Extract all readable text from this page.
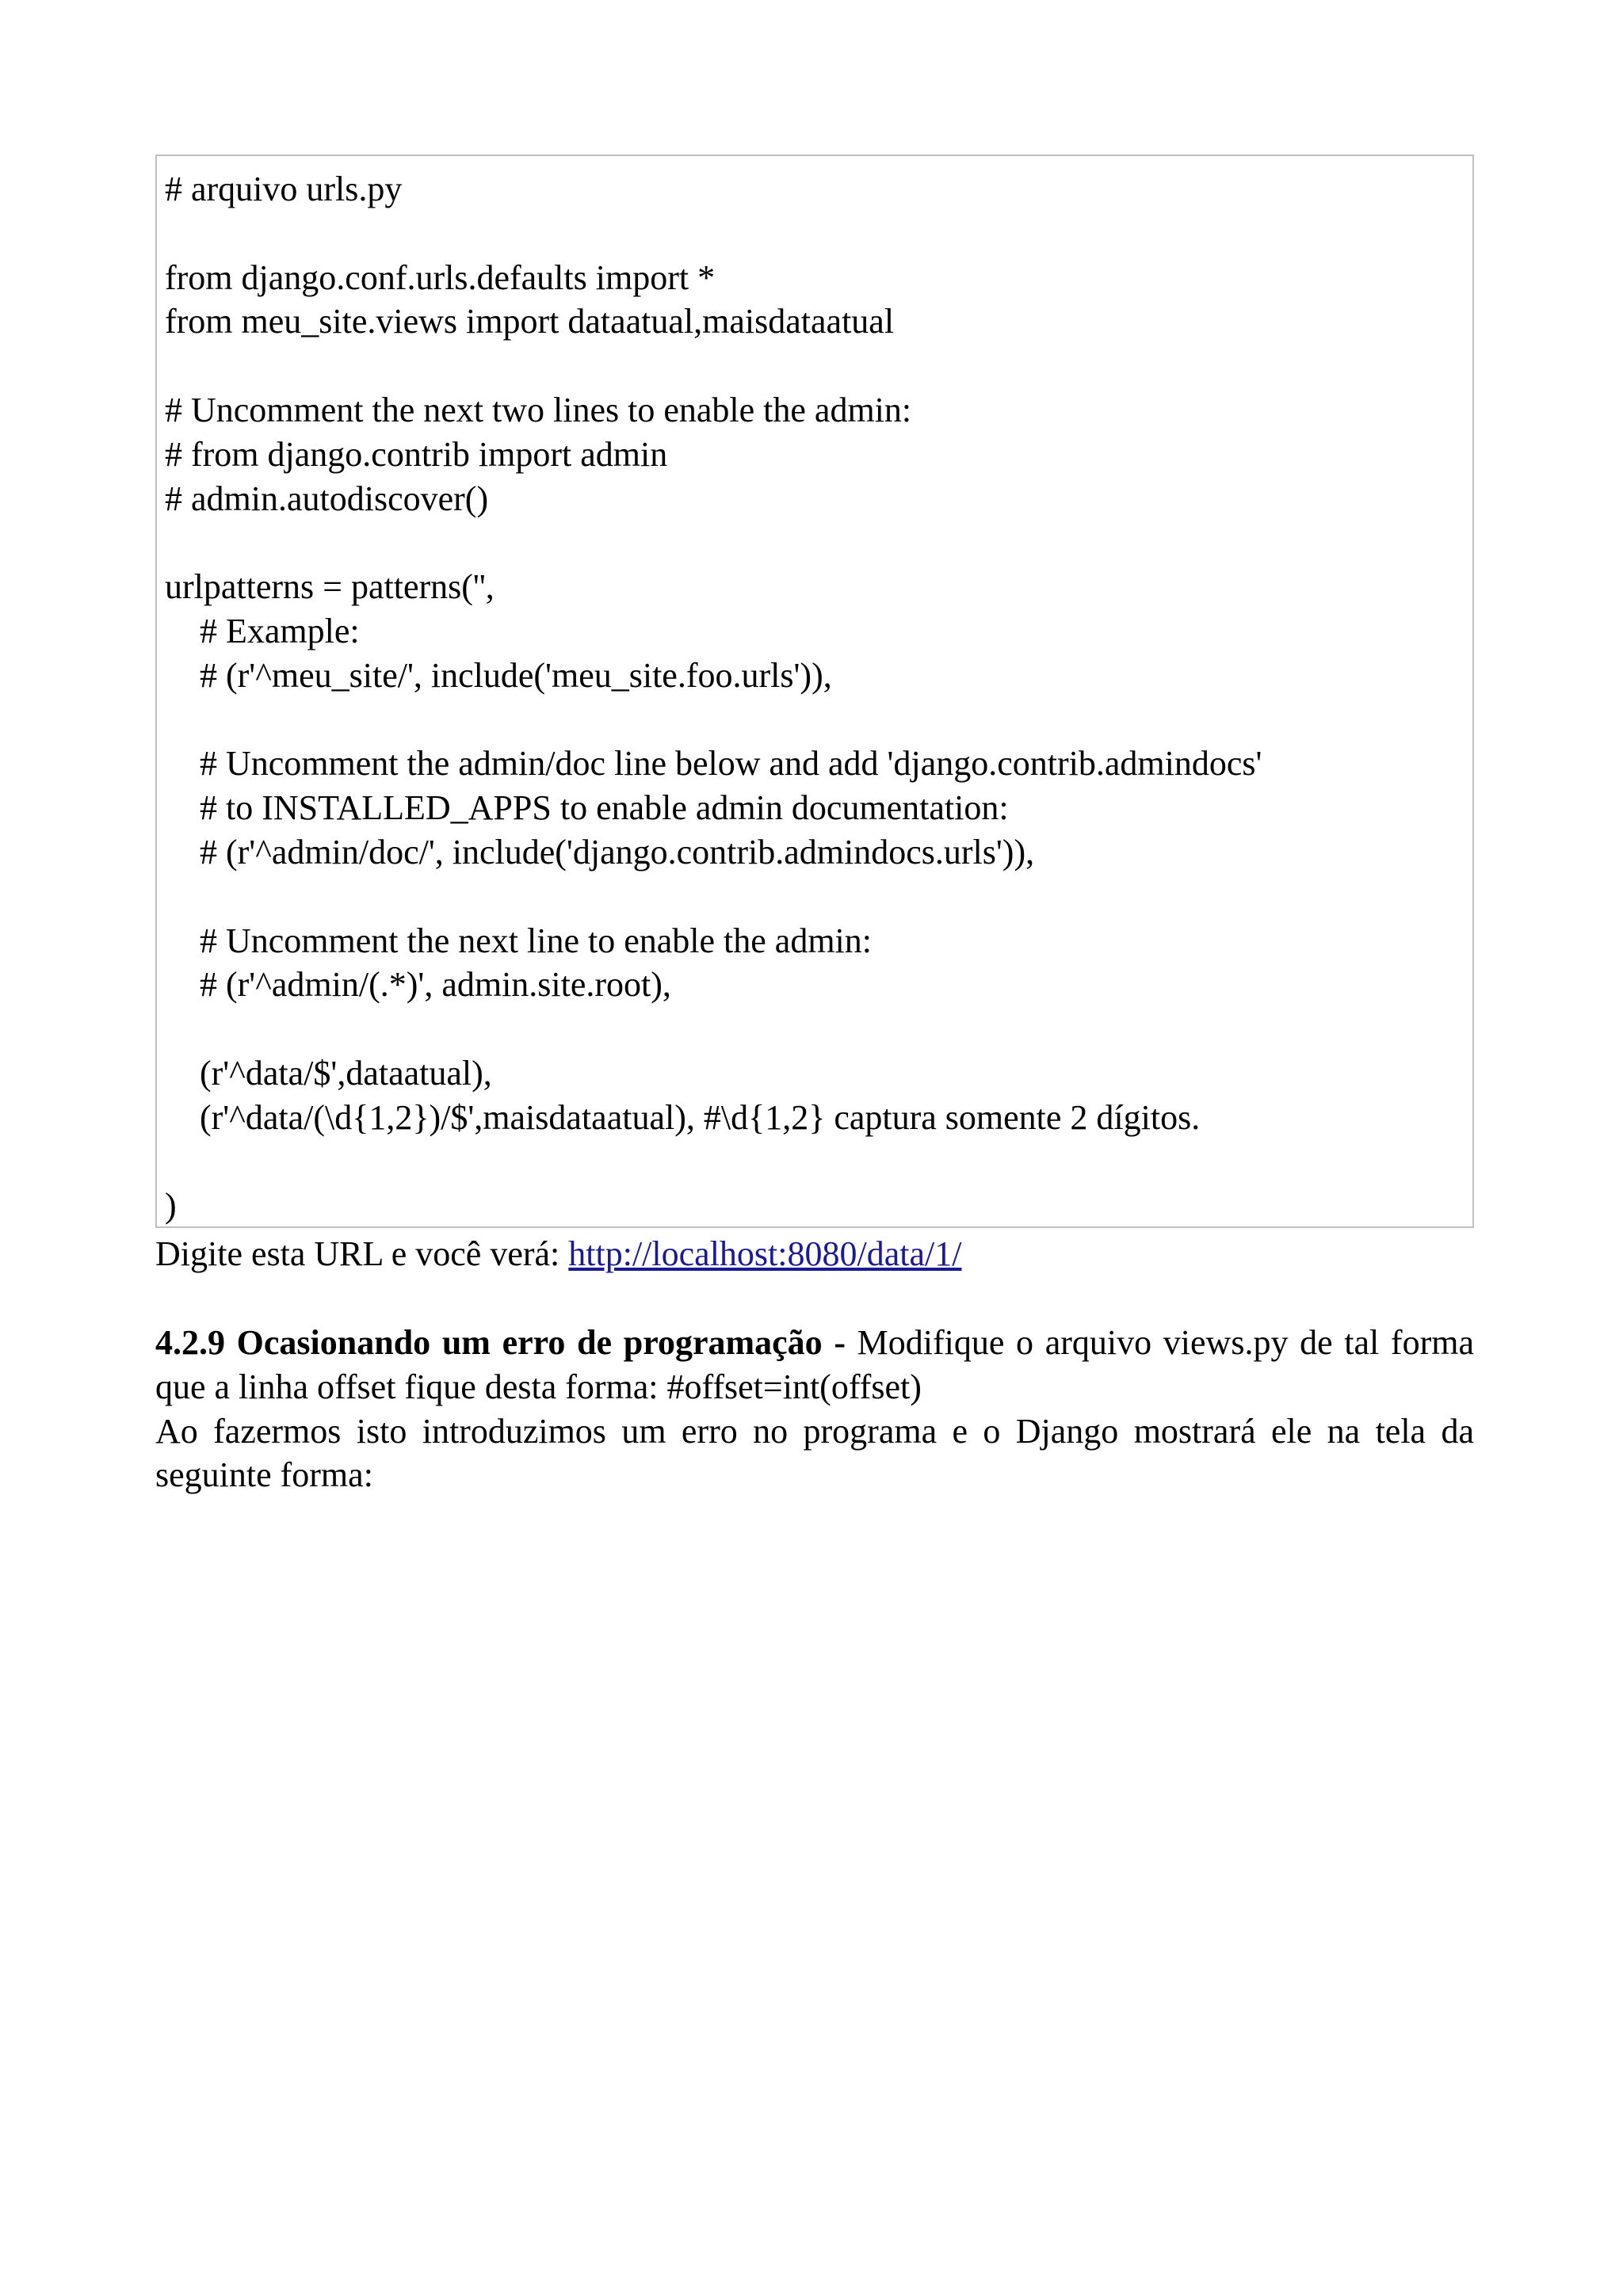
# arquivo urls.py
from django.conf.urls.defaults import *
from meu_site.views import dataatual,maisdataatual
# Uncomment the next two lines to enable the admin:
# from django.contrib import admin
# admin.autodiscover()
urlpatterns = patterns('',
# Example:
# (r'^meu_site/', include('meu_site.foo.urls')),
# Uncomment the admin/doc line below and add 'django.contrib.admindocs'
# to INSTALLED_APPS to enable admin documentation:
# (r'^admin/doc/', include('django.contrib.admindocs.urls')),
# Uncomment the next line to enable the admin:
# (r'^admin/(.*)', admin.site.root),
(r'^data/$',dataatual),
(r'^data/(\d{1,2})/$',maisdataatual), #\d{1,2} captura somente 2 dígitos.
)

Digite esta URL e você verá: http://localhost:8080/data/1/

4.2.9 Ocasionando um erro de programação - Modifique o arquivo views.py de tal forma que a linha offset fique desta forma: #offset=int(offset)

Ao fazermos isto introduzimos um erro no programa e o Django mostrará ele na tela da seguinte forma:
